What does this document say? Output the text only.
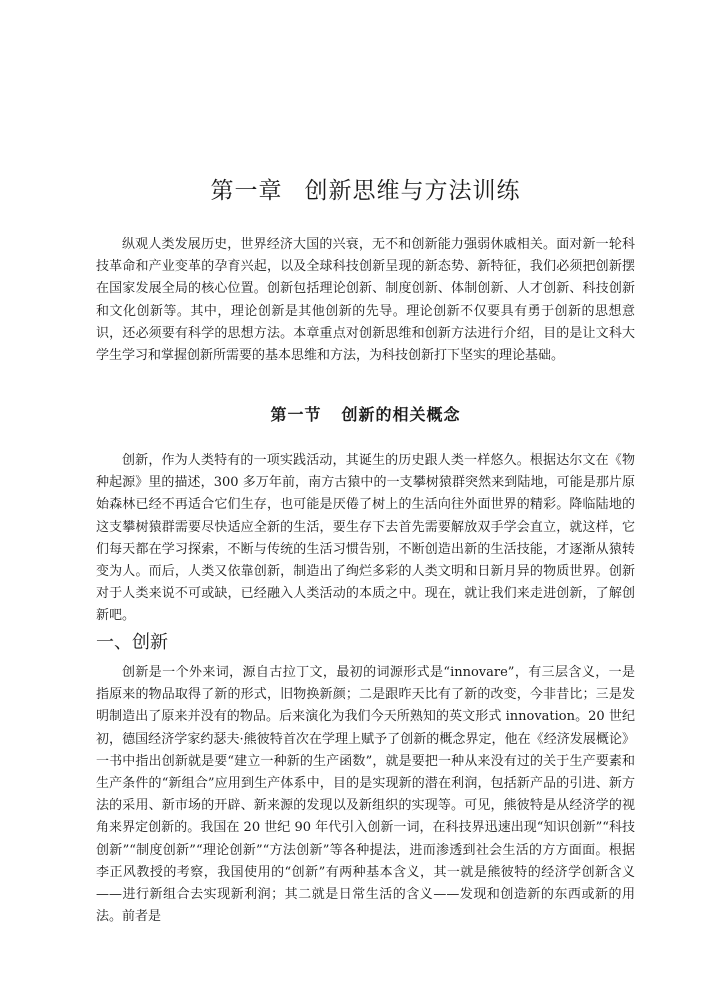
第一章 创新思维与方法训练

纵观人类发展历史，世界经济大国的兴衰，无不和创新能力强弱休戚相关。面对新一轮科技革命和产业变革的孕育兴起，以及全球科技创新呈现的新态势、新特征，我们必须把创新摆在国家发展全局的核心位置。创新包括理论创新、制度创新、体制创新、人才创新、科技创新和文化创新等。其中，理论创新是其他创新的先导。理论创新不仅要具有勇于创新的思想意识，还必须要有科学的思想方法。本章重点对创新思维和创新方法进行介绍，目的是让文科大学生学习和掌握创新所需要的基本思维和方法，为科技创新打下坚实的理论基础。

第一节 创新的相关概念

创新，作为人类特有的一项实践活动，其诞生的历史跟人类一样悠久。根据达尔文在《物种起源》里的描述，300 多万年前，南方古猿中的一支攀树猿群突然来到陆地，可能是那片原始森林已经不再适合它们生存，也可能是厌倦了树上的生活向往外面世界的精彩。降临陆地的这支攀树猿群需要尽快适应全新的生活，要生存下去首先需要解放双手学会直立，就这样，它们每天都在学习探索，不断与传统的生活习惯告别，不断创造出新的生活技能，才逐渐从猿转变为人。而后，人类又依靠创新，制造出了绚烂多彩的人类文明和日新月异的物质世界。创新对于人类来说不可或缺，已经融入人类活动的本质之中。现在，就让我们来走进创新，了解创新吧。

一、创新

创新是一个外来词，源自古拉丁文，最初的词源形式是“innovare”，有三层含义，一是指原来的物品取得了新的形式，旧物换新颜；二是跟昨天比有了新的改变，今非昔比；三是发明制造出了原来并没有的物品。后来演化为我们今天所熟知的英文形式 innovation。20 世纪初，德国经济学家约瑟夫·熊彼特首次在学理上赋予了创新的概念界定，他在《经济发展概论》一书中指出创新就是要“建立一种新的生产函数”，就是要把一种从来没有过的关于生产要素和生产条件的“新组合”应用到生产体系中，目的是实现新的潜在利润，包括新产品的引进、新方法的采用、新市场的开辟、新来源的发现以及新组织的实现等。可见，熊彼特是从经济学的视角来界定创新的。我国在 20 世纪 90 年代引入创新一词，在科技界迅速出现“知识创新”“科技创新”“制度创新”“理论创新”“方法创新”等各种提法，进而渗透到社会生活的方方面面。根据李正风教授的考察，我国使用的“创新”有两种基本含义，其一就是熊彼特的经济学创新含义——进行新组合去实现新利润；其二就是日常生活的含义——发现和创造新的东西或新的用法。前者是
